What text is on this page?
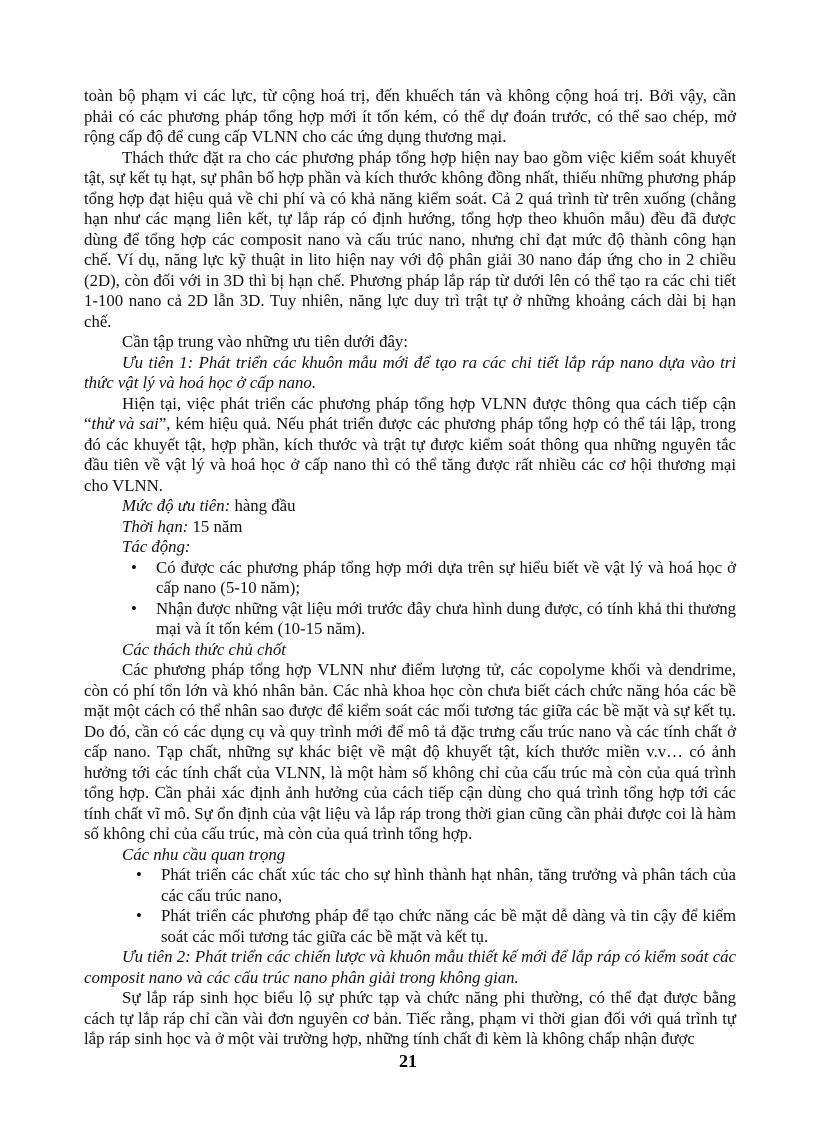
toàn bộ phạm vi các lực, từ cộng hoá trị, đến khuếch tán và không cộng hoá trị. Bởi vậy, cần phải có các phương pháp tổng hợp mới ít tốn kém, có thể dự đoán trước, có thể sao chép, mở rộng cấp độ để cung cấp VLNN cho các ứng dụng thương mại.

Thách thức đặt ra cho các phương pháp tổng hợp hiện nay bao gồm việc kiểm soát khuyết tật, sự kết tụ hạt, sự phân bố hợp phần và kích thước không đồng nhất, thiếu những phương pháp tổng hợp đạt hiệu quả về chi phí và có khả năng kiểm soát. Cả 2 quá trình từ trên xuống (chẳng hạn như các mạng liên kết, tự lắp ráp có định hướng, tổng hợp theo khuôn mẫu) đều đã được dùng để tổng hợp các composit nano và cấu trúc nano, nhưng chỉ đạt mức độ thành công hạn chế. Ví dụ, năng lực kỹ thuật in lito hiện nay với độ phân giải 30 nano đáp ứng cho in 2 chiều (2D), còn đối với in 3D thì bị hạn chế. Phương pháp lắp ráp từ dưới lên có thể tạo ra các chi tiết 1-100 nano cả 2D lẫn 3D. Tuy nhiên, năng lực duy trì trật tự ở những khoảng cách dài bị hạn chế.

Cần tập trung vào những ưu tiên dưới đây:

Ưu tiên 1: Phát triển các khuôn mẫu mới để tạo ra các chi tiết lắp ráp nano dựa vào tri thức vật lý và hoá học ở cấp nano.

Hiện tại, việc phát triển các phương pháp tổng hợp VLNN được thông qua cách tiếp cận “thử và sai”, kém hiệu quả. Nếu phát triển được các phương pháp tổng hợp có thể tái lập, trong đó các khuyết tật, hợp phần, kích thước và trật tự được kiểm soát thông qua những nguyên tắc đầu tiên về vật lý và hoá học ở cấp nano thì có thể tăng được rất nhiều các cơ hội thương mại cho VLNN.

Mức độ ưu tiên: hàng đầu

Thời hạn: 15 năm

Tác động:

• Có được các phương pháp tổng hợp mới dựa trên sự hiểu biết về vật lý và hoá học ở cấp nano (5-10 năm);
• Nhận được những vật liệu mới trước đây chưa hình dung được, có tính khả thi thương mại và ít tốn kém (10-15 năm).

Các thách thức chủ chốt

Các phương pháp tổng hợp VLNN như điểm lượng tử, các copolyme khối và dendrime, còn có phí tổn lớn và khó nhân bản. Các nhà khoa học còn chưa biết cách chức năng hóa các bề mặt một cách có thể nhân sao được để kiểm soát các mối tương tác giữa các bề mặt và sự kết tụ. Do đó, cần có các dụng cụ và quy trình mới để mô tả đặc trưng cấu trúc nano và các tính chất ở cấp nano. Tạp chất, những sự khác biệt về mật độ khuyết tật, kích thước miền v.v… có ảnh hưởng tới các tính chất của VLNN, là một hàm số không chỉ của cấu trúc mà còn của quá trình tổng hợp. Cần phải xác định ảnh hưởng của cách tiếp cận dùng cho quá trình tổng hợp tới các tính chất vĩ mô. Sự ổn định của vật liệu và lắp ráp trong thời gian cũng cần phải được coi là hàm số không chỉ của cấu trúc, mà còn của quá trình tổng hợp.

Các nhu cầu quan trọng

• Phát triển các chất xúc tác cho sự hình thành hạt nhân, tăng trưởng và phân tách của các cấu trúc nano,
• Phát triển các phương pháp để tạo chức năng các bề mặt dễ dàng và tin cậy để kiểm soát các mối tương tác giữa các bề mặt và kết tụ.

Ưu tiên 2: Phát triển các chiến lược và khuôn mẫu thiết kế mới để lắp ráp có kiểm soát các composit nano và các cấu trúc nano phân giải trong không gian.

Sự lắp ráp sinh học biểu lộ sự phức tạp và chức năng phi thường, có thể đạt được bằng cách tự lắp ráp chỉ cần vài đơn nguyên cơ bản. Tiếc rằng, phạm vi thời gian đối với quá trình tự lắp ráp sinh học và ở một vài trường hợp, những tính chất đi kèm là không chấp nhận được

21
